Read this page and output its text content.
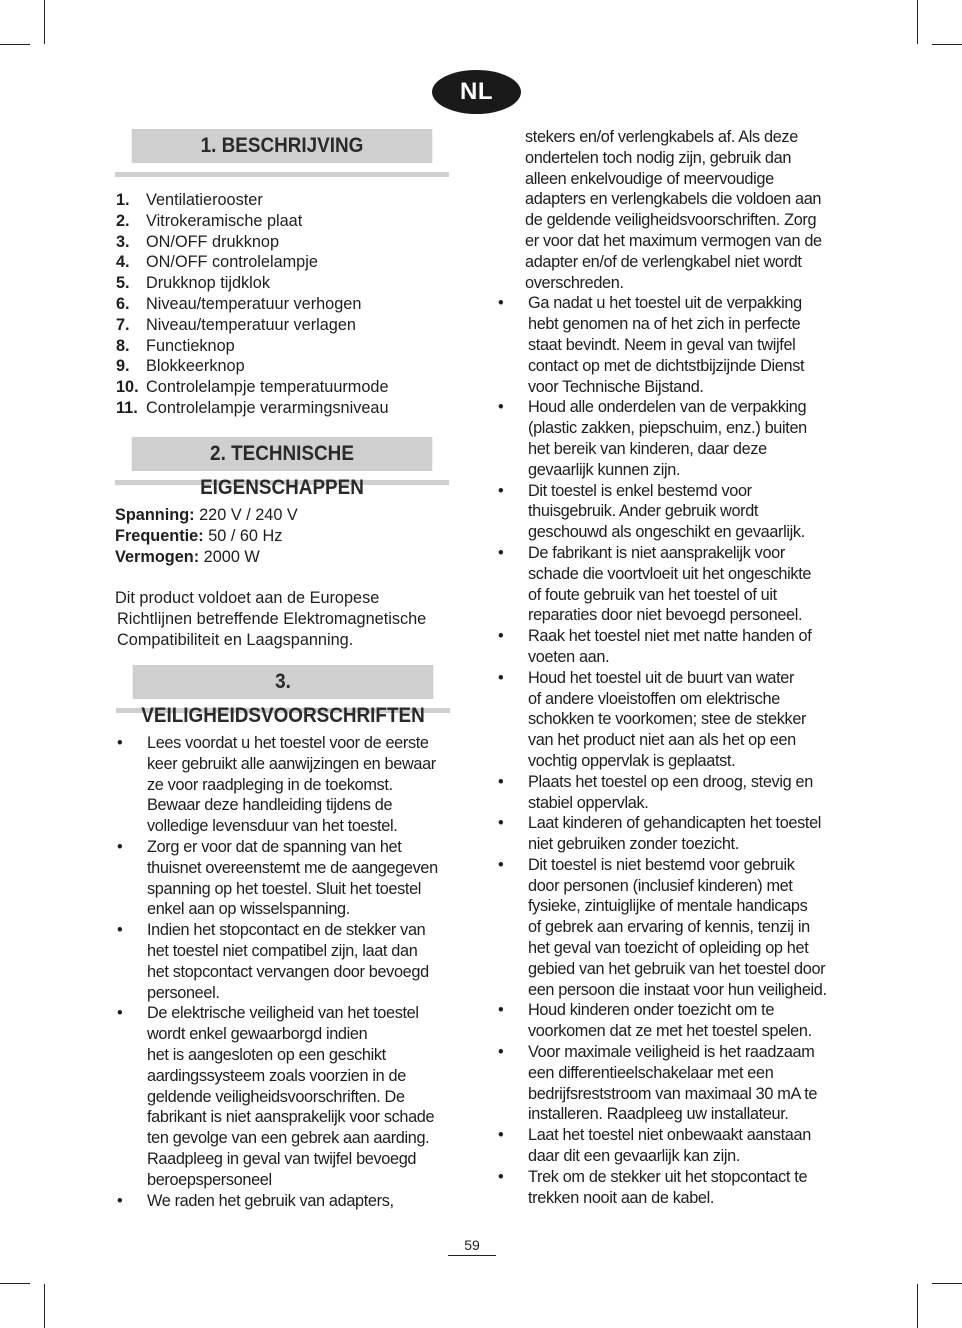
NL
1. BESCHRIJVING
1.	Ventilatierooster
2.	Vitrokeramische plaat
3.	ON/OFF drukknop
4.	ON/OFF controlelampje
5.	Drukknop tijdklok
6.	Niveau/temperatuur verhogen
7.	Niveau/temperatuur verlagen
8.	Functieknop
9.	Blokkeerknop
10. Controlelampje temperatuurmode
11. Controlelampje verarmingsniveau
2. TECHNISCHE EIGENSCHAPPEN

Spanning: 220 V / 240 V

Frequentie: 50 / 60 Hz

Vermogen: 2000 W

Dit product voldoet aan de Europese

Richtlijnen betreffende Elektromagnetische

Compatibiliteit en Laagspanning.

3. VEILIGHEIDSVOORSCHRIFTEN
•	Lees voordat u het toestel voor de eerste
keer gebruikt alle aanwijzingen en bewaar
ze voor raadpleging in de toekomst.
Bewaar deze handleiding tijdens de
volledige levensduur van het toestel.
•	Zorg er voor dat de spanning van het
thuisnet overeenstemt me de aangegeven
spanning op het toestel. Sluit het toestel
enkel aan op wisselspanning.
•	Indien het stopcontact en de stekker van
het toestel niet compatibel zijn, laat dan
het stopcontact vervangen door bevoegd
personeel.
•	De elektrische veiligheid van het toestel
wordt enkel gewaarborgd indien
het is aangesloten op een geschikt
aardingssysteem zoals voorzien in de
geldende veiligheidsvoorschriften. De
fabrikant is niet aansprakelijk voor schade
ten gevolge van een gebrek aan aarding.
Raadpleeg in geval van twijfel bevoegd
beroepspersoneel
•	We raden het gebruik van adapters,
stekers en/of verlengkabels af. Als deze
ondertelen toch nodig zijn, gebruik dan
alleen enkelvoudige of meervoudige
adapters en verlengkabels die voldoen aan
de geldende veiligheidsvoorschriften. Zorg
er voor dat het maximum vermogen van de
adapter en/of de verlengkabel niet wordt
overschreden.
•	Ga nadat u het toestel uit de verpakking
hebt genomen na of het zich in perfecte
staat bevindt. Neem in geval van twijfel
contact op met de dichtstbijzijnde Dienst
voor Technische Bijstand.
•	Houd alle onderdelen van de verpakking
(plastic zakken, piepschuim, enz.) buiten
het bereik van kinderen, daar deze
gevaarlijk kunnen zijn.
•	Dit toestel is enkel bestemd voor
thuisgebruik. Ander gebruik wordt
geschouwd als ongeschikt en gevaarlijk.
•	De fabrikant is niet aansprakelijk voor
schade die voortvloeit uit het ongeschikte
of foute gebruik van het toestel of uit
reparaties door niet bevoegd personeel.
•	Raak het toestel niet met natte handen of
voeten aan.
•	Houd het toestel uit de buurt van water
of andere vloeistoffen om elektrische
schokken te voorkomen; stee de stekker
van het product niet aan als het op een
vochtig oppervlak is geplaatst.
•	Plaats het toestel op een droog, stevig en
stabiel oppervlak.
•	Laat kinderen of gehandicapten het toestel
niet gebruiken zonder toezicht.
•	Dit toestel is niet bestemd voor gebruik
door personen (inclusief kinderen) met
fysieke, zintuiglijke of mentale handicaps
of gebrek aan ervaring of kennis, tenzij in
het geval van toezicht of opleiding op het
gebied van het gebruik van het toestel door
een persoon die instaat voor hun veiligheid.
•	Houd kinderen onder toezicht om te
voorkomen dat ze met het toestel spelen.
•	Voor maximale veiligheid is het raadzaam
een differentieelschakelaar met een
bedrijfsreststroom van maximaal 30 mA te
installeren. Raadpleeg uw installateur.
•	Laat het toestel niet onbewaakt aanstaan
daar dit een gevaarlijk kan zijn.
•	Trek om de stekker uit het stopcontact te
trekken nooit aan de kabel.
59
